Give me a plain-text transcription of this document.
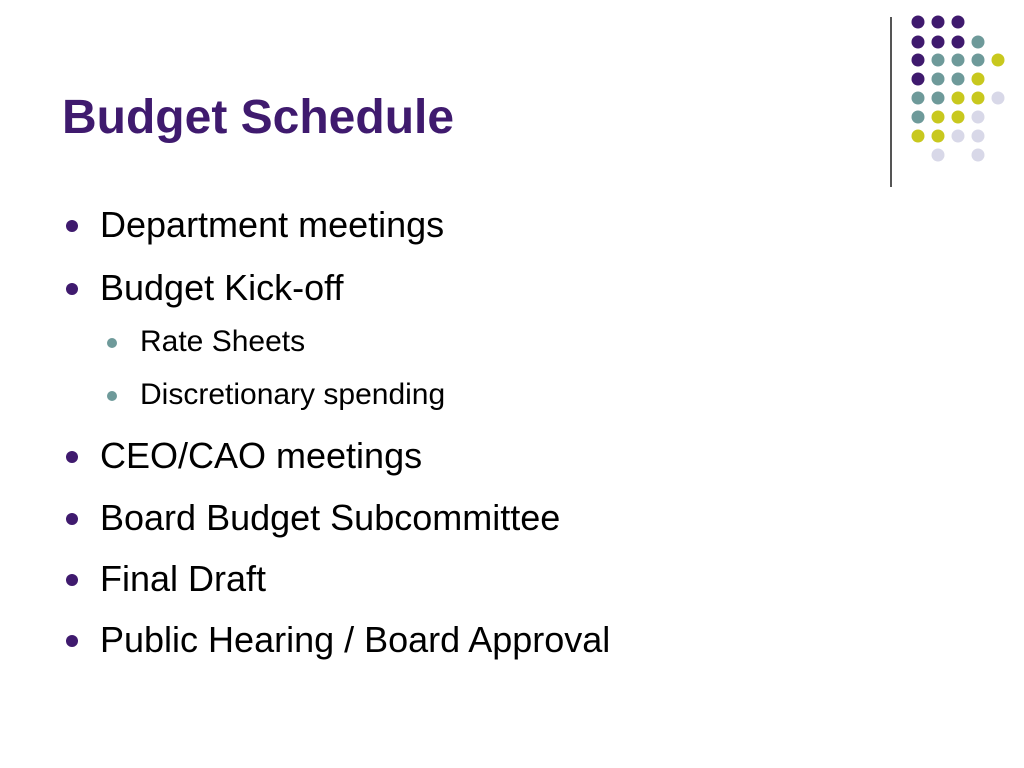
Budget Schedule
Department meetings
Budget Kick-off
Rate Sheets
Discretionary spending
CEO/CAO meetings
Board Budget Subcommittee
Final Draft
Public Hearing / Board Approval
